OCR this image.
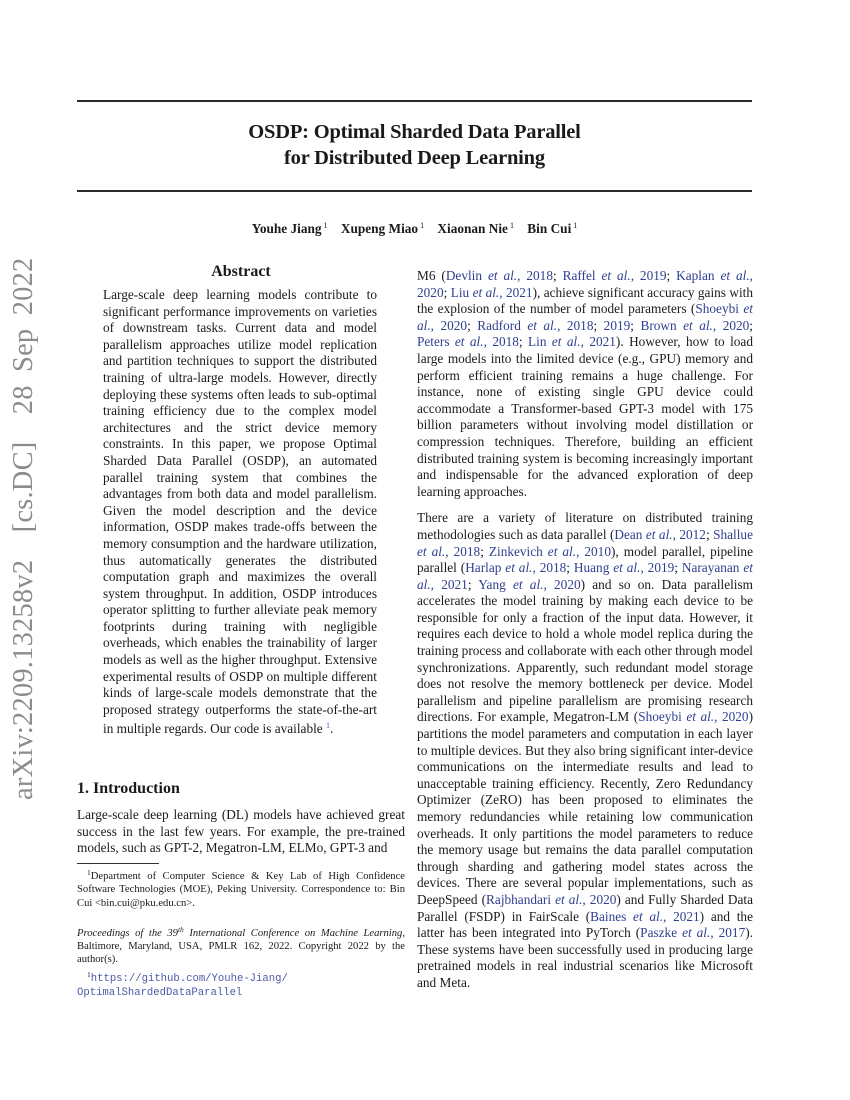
arXiv:2209.13258v2 [cs.DC] 28 Sep 2022
OSDP: Optimal Sharded Data Parallel
for Distributed Deep Learning
Youhe Jiang $^1$ Xupeng Miao $^1$ Xiaonan Nie $^1$ Bin Cui $^1$
Abstract

Large-scale deep learning models contribute to significant performance improvements on varieties of downstream tasks. Current data and model parallelism approaches utilize model replication and partition techniques to support the distributed training of ultra-large models. However, directly deploying these systems often leads to sub-optimal training efficiency due to the complex model architectures and the strict device memory constraints. In this paper, we propose Optimal Sharded Data Parallel (OSDP), an automated parallel training system that combines the advantages from both data and model parallelism. Given the model description and the device information, OSDP makes trade-offs between the memory consumption and the hardware utilization, thus automatically generates the distributed computation graph and maximizes the overall system throughput. In addition, OSDP introduces operator splitting to further alleviate peak memory footprints during training with negligible overheads, which enables the trainability of larger models as well as the higher throughput. Extensive experimental results of OSDP on multiple different kinds of large-scale models demonstrate that the proposed strategy outperforms the state-of-the-art in multiple regards. Our code is available $^1$.

1. Introduction

Large-scale deep learning (DL) models have achieved great success in the last few years. For example, the pre-trained models, such as GPT-2, Megatron-LM, ELMo, GPT-3 and

$^1$Department of Computer Science & Key Lab of High Confidence Software Technologies (MOE), Peking University. Correspondence to: Bin Cui <bin.cui@pku.edu.cn>.

Proceedings of the 39th International Conference on Machine Learning, Baltimore, Maryland, USA, PMLR 162, 2022. Copyright 2022 by the author(s).

$^1$https://github.com/Youhe-Jiang/
OptimalShardedDataParallel

M6 (Devlin et al., 2018; Raffel et al., 2019; Kaplan et al., 2020; Liu et al., 2021), achieve significant accuracy gains with the explosion of the number of model parameters (Shoeybi et al., 2020; Radford et al., 2018; 2019; Brown et al., 2020; Peters et al., 2018; Lin et al., 2021). However, how to load large models into the limited device (e.g., GPU) memory and perform efficient training remains a huge challenge. For instance, none of existing single GPU device could accommodate a Transformer-based GPT-3 model with 175 billion parameters without involving model distillation or compression techniques. Therefore, building an efficient distributed training system is becoming increasingly important and indispensable for the advanced exploration of deep learning approaches.

There are a variety of literature on distributed training methodologies such as data parallel (Dean et al., 2012; Shallue et al., 2018; Zinkevich et al., 2010), model parallel, pipeline parallel (Harlap et al., 2018; Huang et al., 2019; Narayanan et al., 2021; Yang et al., 2020) and so on. Data parallelism accelerates the model training by making each device to be responsible for only a fraction of the input data. However, it requires each device to hold a whole model replica during the training process and collaborate with each other through model synchronizations. Apparently, such redundant model storage does not resolve the memory bottleneck per device. Model parallelism and pipeline parallelism are promising research directions. For example, Megatron-LM (Shoeybi et al., 2020) partitions the model parameters and computation in each layer to multiple devices. But they also bring significant inter-device communications on the intermediate results and lead to unacceptable training efficiency. Recently, Zero Redundancy Optimizer (ZeRO) has been proposed to eliminates the memory redundancies while retaining low communication overheads. It only partitions the model parameters to reduce the memory usage but remains the data parallel computation through sharding and gathering model states across the devices. There are several popular implementations, such as DeepSpeed (Rajbhandari et al., 2020) and Fully Sharded Data Parallel (FSDP) in FairScale (Baines et al., 2021) and the latter has been integrated into PyTorch (Paszke et al., 2017). These systems have been successfully used in producing large pretrained models in real industrial scenarios like Microsoft and Meta.
